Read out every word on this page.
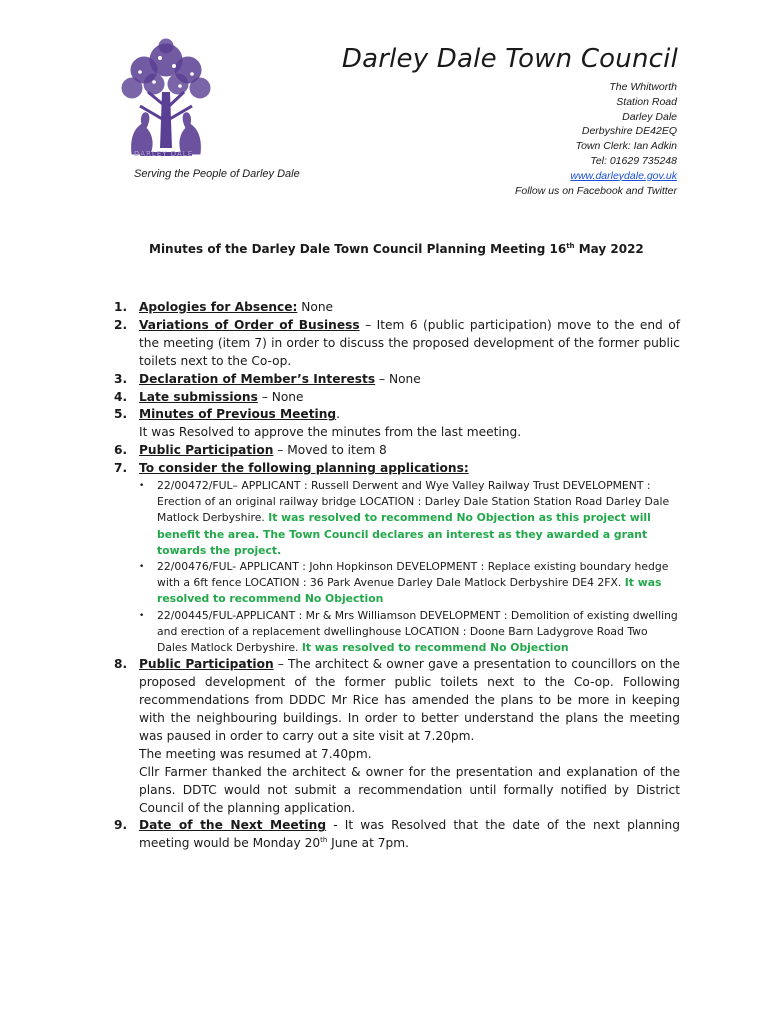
DARLEY DALE
Serving the People of Darley Dale
Darley Dale Town Council
The Whitworth
Station Road
Darley Dale
Derbyshire DE42EQ
Town Clerk: Ian Adkin
Tel: 01629 735248
www.darleydale.gov.uk
Follow us on Facebook and Twitter
Minutes of the Darley Dale Town Council Planning Meeting 16th May 2022
1. Apologies for Absence: None
2. Variations of Order of Business – Item 6 (public participation) move to the end of the meeting (item 7) in order to discuss the proposed development of the former public toilets next to the Co-op.
3. Declaration of Member’s Interests – None
4. Late submissions – None
5. Minutes of Previous Meeting.
It was Resolved to approve the minutes from the last meeting.
6. Public Participation – Moved to item 8
7. To consider the following planning applications:
• 22/00472/FUL– APPLICANT : Russell Derwent and Wye Valley Railway Trust DEVELOPMENT : Erection of an original railway bridge LOCATION : Darley Dale Station Station Road Darley Dale Matlock Derbyshire. It was resolved to recommend No Objection as this project will benefit the area. The Town Council declares an interest as they awarded a grant towards the project.
• 22/00476/FUL- APPLICANT : John Hopkinson DEVELOPMENT : Replace existing boundary hedge with a 6ft fence LOCATION : 36 Park Avenue Darley Dale Matlock Derbyshire DE4 2FX. It was resolved to recommend No Objection
• 22/00445/FUL-APPLICANT : Mr & Mrs Williamson DEVELOPMENT : Demolition of existing dwelling and erection of a replacement dwellinghouse LOCATION : Doone Barn Ladygrove Road Two Dales Matlock Derbyshire. It was resolved to recommend No Objection
8. Public Participation – The architect & owner gave a presentation to councillors on the proposed development of the former public toilets next to the Co-op. Following recommendations from DDDC Mr Rice has amended the plans to be more in keeping with the neighbouring buildings. In order to better understand the plans the meeting was paused in order to carry out a site visit at 7.20pm.
The meeting was resumed at 7.40pm.
Cllr Farmer thanked the architect & owner for the presentation and explanation of the plans. DDTC would not submit a recommendation until formally notified by District Council of the planning application.
9. Date of the Next Meeting - It was Resolved that the date of the next planning meeting would be Monday 20th June at 7pm.
